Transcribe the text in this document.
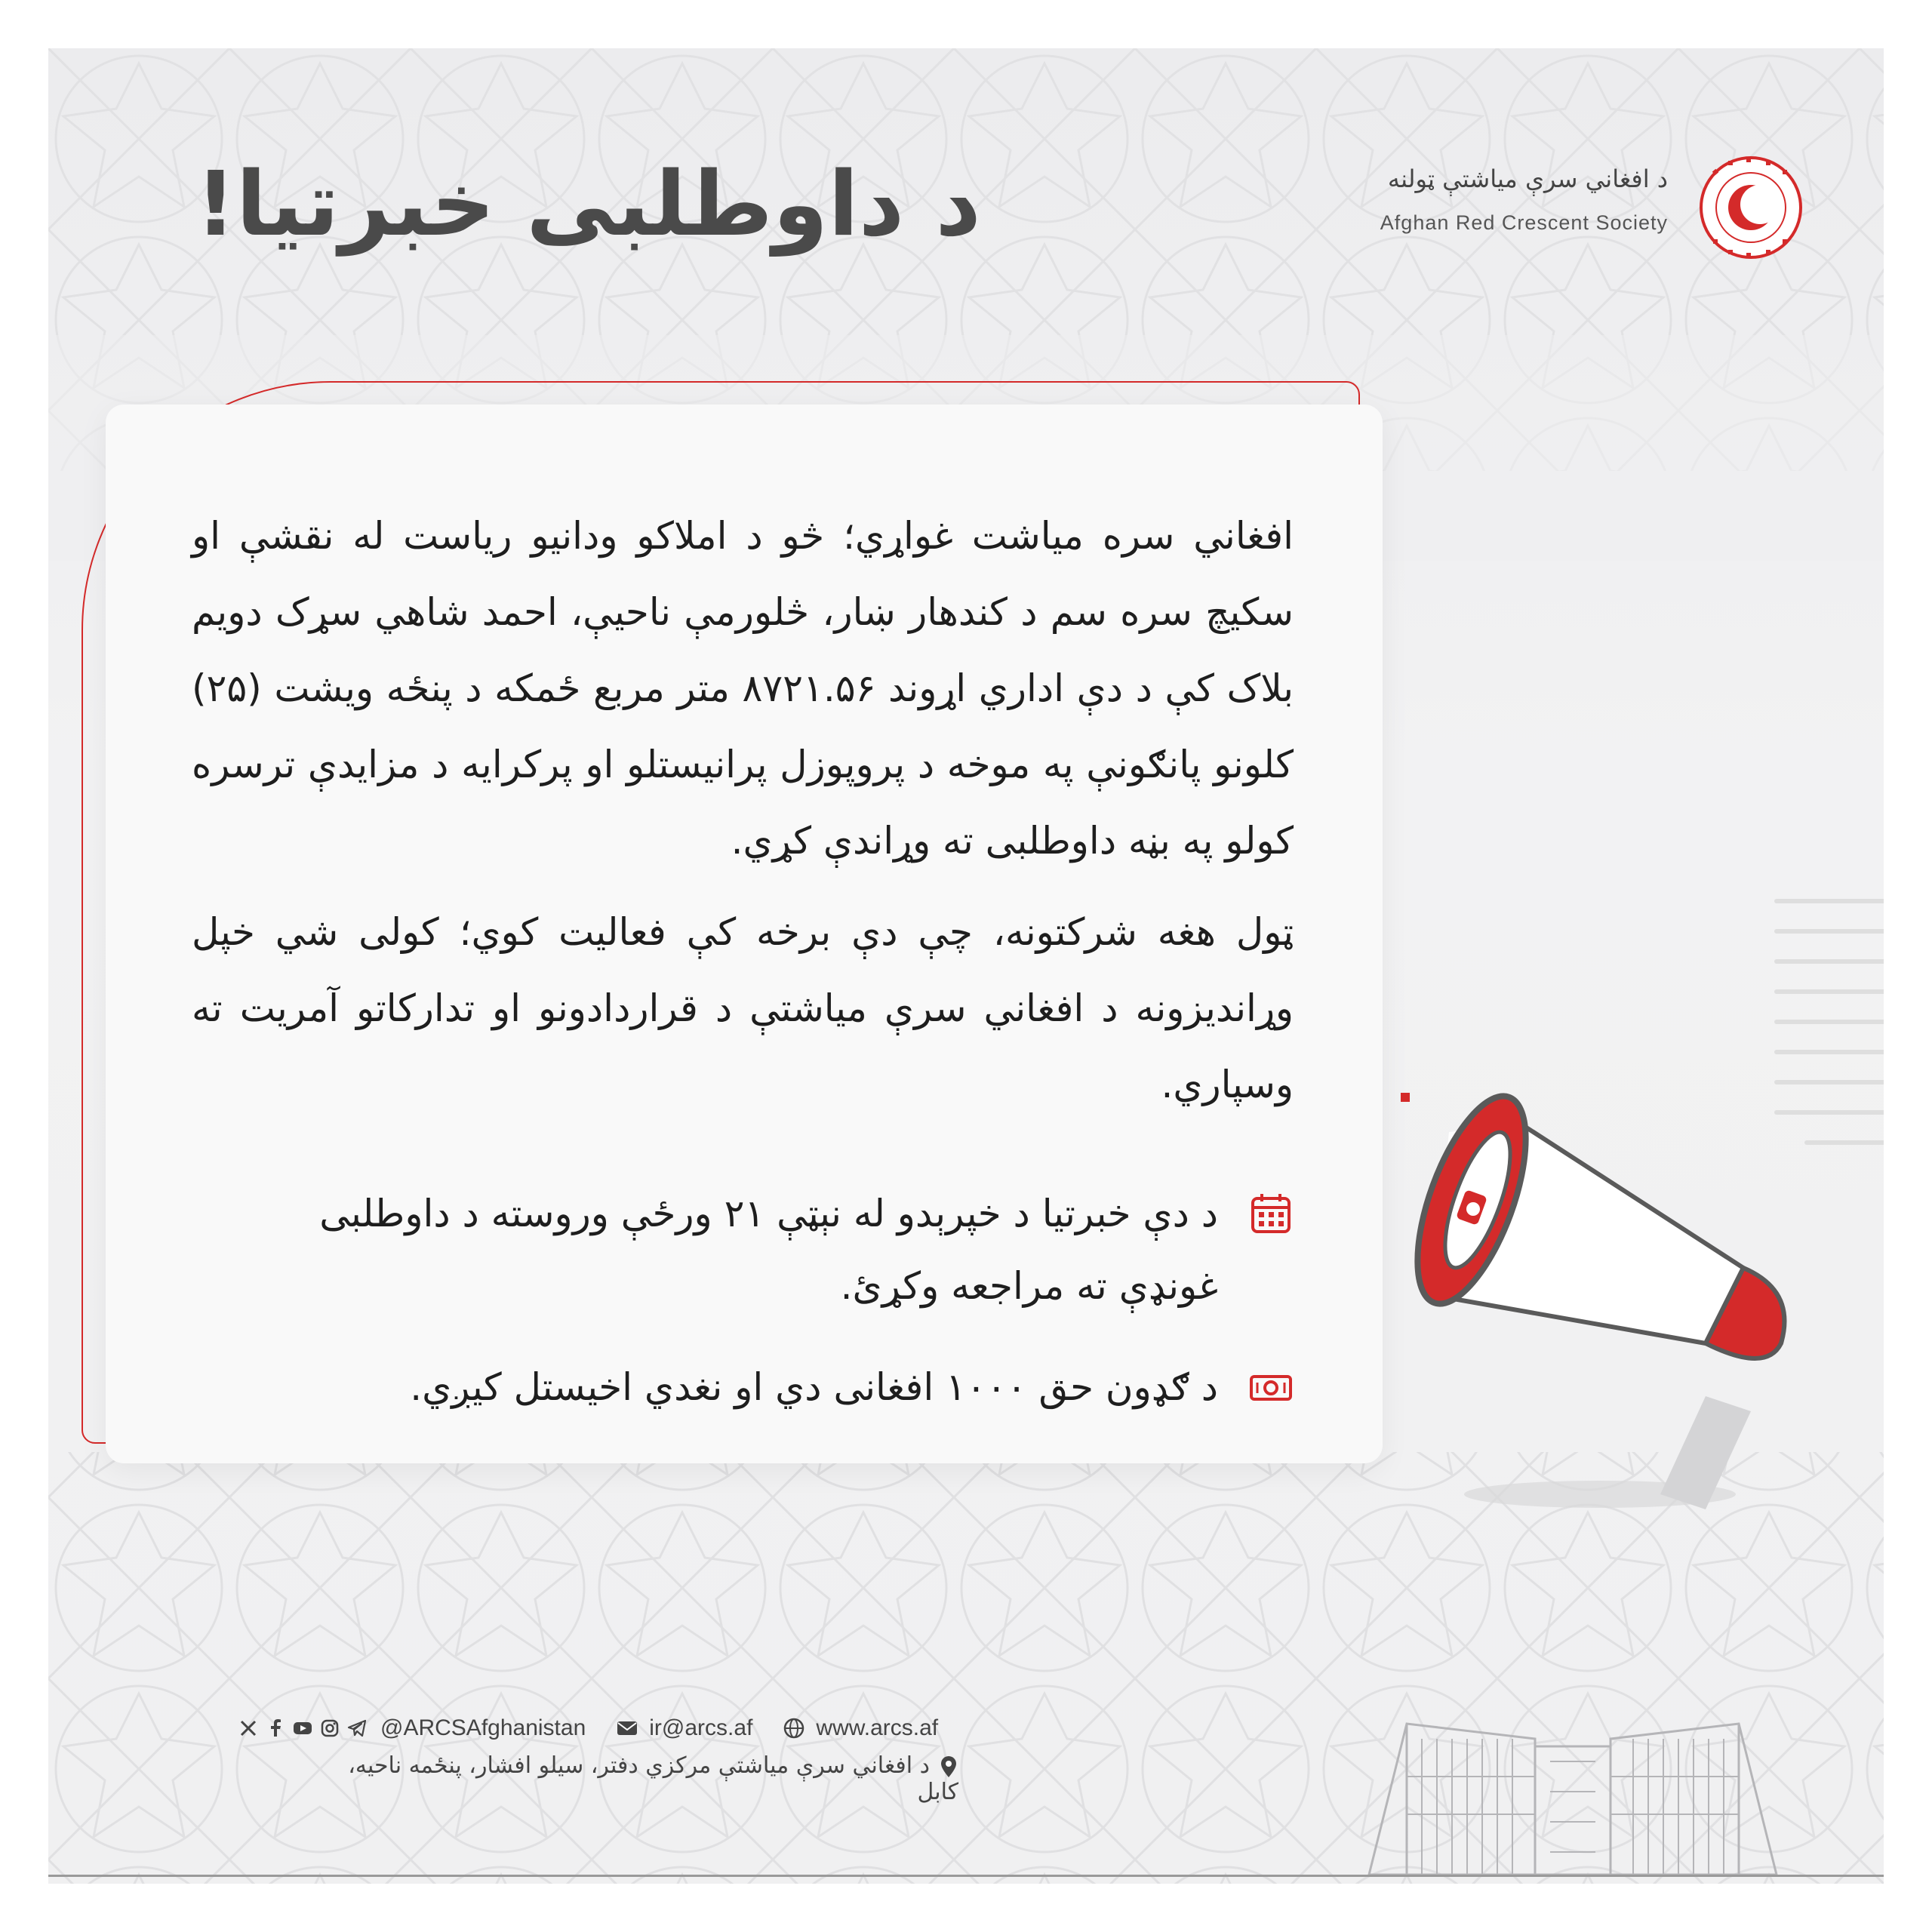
د داوطلبی خبرتیا!	د افغاني سرې میاشتې ټولنه
Afghan Red Crescent Society

افغاني سره میاشت غواړي؛ څو د املاکو ودانیو ریاست له نقشې او سکیچ سره سم د کندهار ښار، څلورمې ناحیې، احمد شاهي سړک دویم بلاک کې د دې اداري اړوند ۸۷۲۱.۵۶ متر مربع ځمکه د پنځه ویشت (۲۵) کلونو پانګونې په موخه د پروپوزل پرانیستلو او پرکرایه د مزایدې ترسره کولو په بڼه داوطلبی ته وړاندې کړي.

ټول هغه شرکتونه، چې دې برخه کې فعالیت کوي؛ کولی شي خپل وړاندیزونه د افغاني سرې میاشتې د قراردادونو او تدارکاتو آمریت ته وسپاري.

د دې خبرتیا د خپرېدو له نېټې ۲۱ ورځې وروسته د داوطلبی غونډې ته مراجعه وکړئ.
د ګډون حق ۱۰۰۰ افغانی دي او نغدي اخیستل کیږي.
@ARCSAfghanistan	ir@arcs.af	www.arcs.af
د افغاني سرې میاشتې مرکزي دفتر، سیلو افشار، پنځمه ناحیه، کابل
